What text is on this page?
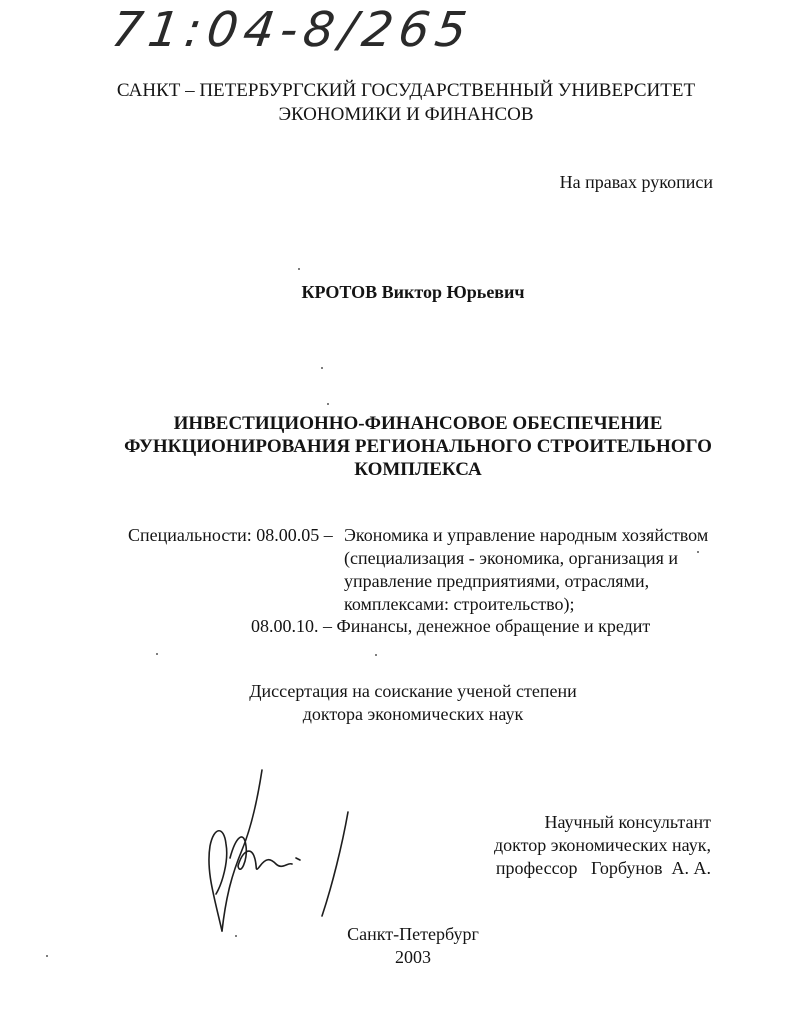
71:04-8/265
САНКТ – ПЕТЕРБУРГСКИЙ ГОСУДАРСТВЕННЫЙ УНИВЕРСИТЕТ
ЭКОНОМИКИ И ФИНАНСОВ
На правах рукописи
КРОТОВ Виктор Юрьевич
ИНВЕСТИЦИОННО-ФИНАНСОВОЕ ОБЕСПЕЧЕНИЕ
ФУНКЦИОНИРОВАНИЯ РЕГИОНАЛЬНОГО СТРОИТЕЛЬНОГО
КОМПЛЕКСА
Специальности: 08.00.05 – Экономика и управление народным хозяйством
(специализация - экономика, организация и
управление предприятиями, отраслями,
комплексами: строительство);
08.00.10. – Финансы, денежное обращение и кредит
Диссертация на соискание ученой степени
доктора экономических наук
Научный консультант
доктор экономических наук,
профессор   Горбунов  А. А.
Санкт-Петербург
2003
